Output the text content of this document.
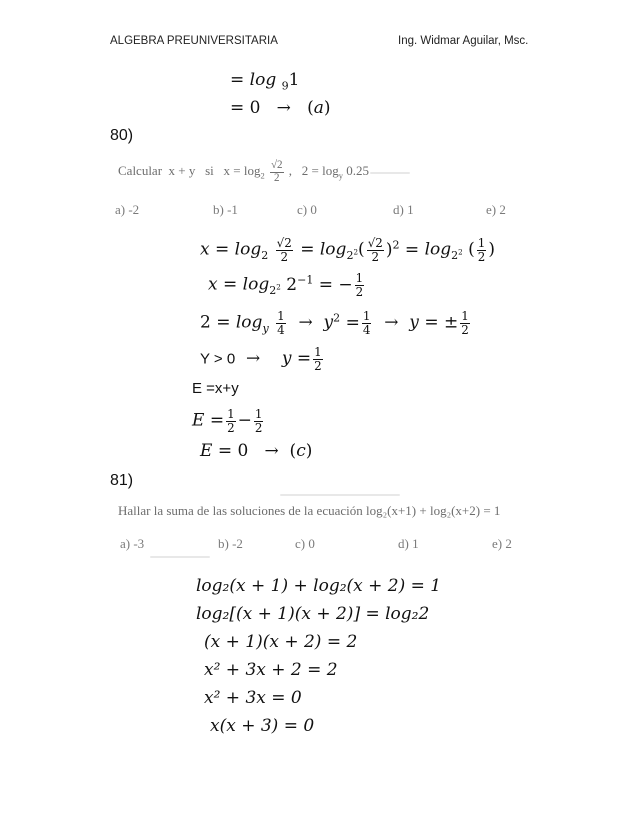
ALGEBRA PREUNIVERSITARIA	Ing. Widmar Aguilar, Msc.
= log $_9$1
= 0   →   (a)
80)
Calcular  x + y   si   $x = \log_2 \frac{√2}{2}$ ,   $2 = \log_y 0.25$
a) -2	b) -1	c) 0	d) 1	e) 2
$x = \log_2 \frac{√2}{2} = \log_{2^2}( \frac{√2}{2} )^2 = \log_{2^2}$ ( $\frac{1}{2}$ )
$x = \log_{2^2} 2^{-1}$ = − $\frac{1}{2}$
$2 = \log_y \frac{1}{4} \to y^2 = \frac{1}{4} \to y$ = ± $\frac{1}{2}$
Y > 0  →    $y = \frac{1}{2}$
E =x+y
$E = \frac{1}{2} - \frac{1}{2}$
E = 0   →  (c)
81)
Hallar la suma de las soluciones de la ecuación log₂(x+1) + log₂(x+2) = 1
a) -3	b) -2	c) 0	d) 1	e) 2
log₂(x + 1) + log₂(x + 2) = 1
log₂[(x + 1)(x + 2)] = log₂2
(x + 1)(x + 2) = 2
x² + 3x + 2 = 2
x² + 3x = 0
x(x + 3) = 0
